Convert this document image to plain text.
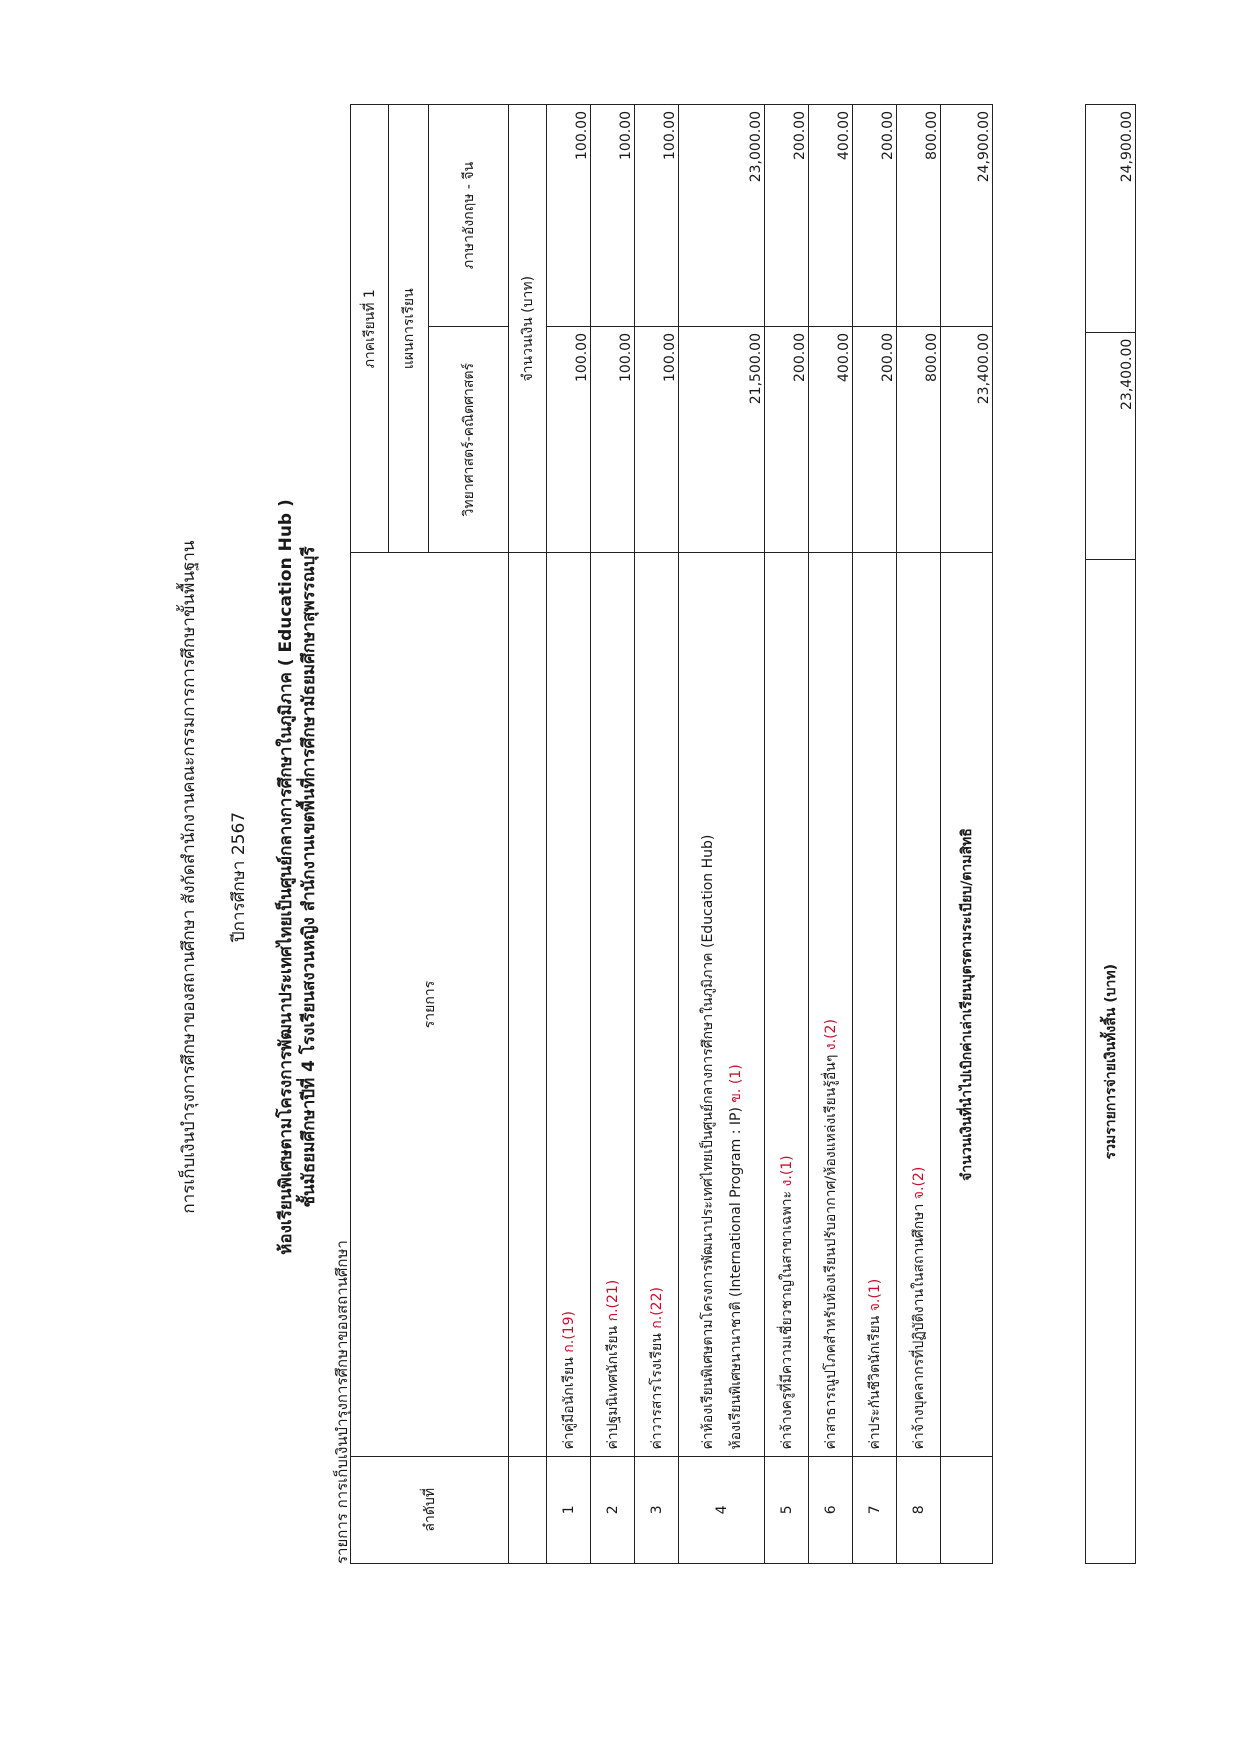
การเก็บเงินบำรุงการศึกษาของสถานศึกษา สังกัดสำนักงานคณะกรรมการการศึกษาขั้นพื้นฐาน ปีการศึกษา 2567 ห้องเรียนพิเศษตามโครงการพัฒนาประเทศไทยเป็นศูนย์กลางการศึกษาในภูมิภาค ( Education Hub ) ชั้นมัธยมศึกษาปีที่ 4 โรงเรียนสงวนหญิง สำนักงานเขตพื้นที่การศึกษามัธยมศึกษาสุพรรณบุรี
รายการ การเก็บเงินบำรุงการศึกษาของสถานศึกษา	ลำดับที่	รายการ	ภาคเรียนที่ 1	
		แผนการเรียน	
		วิทยาศาสตร์-คณิตศาสตร์	ภาษาอังกฤษ - จีน
		จำนวนเงิน (บาท)	
1	ค่าคู่มือนักเรียน ก.(19)	100.00	100.00
2	ค่าปฐมนิเทศนักเรียน ก.(21)	100.00	100.00
3	ค่าวารสารโรงเรียน ก.(22)	100.00	100.00
4	ค่าห้องเรียนพิเศษตามโครงการพัฒนาประเทศไทยเป็นศูนย์กลางการศึกษาในภูมิภาค (Education Hub) ห้องเรียนพิเศษนานาชาติ (International Program : IP) ข. (1)	21,500.00	23,000.00
5	ค่าจ้างครูที่มีความเชี่ยวชาญในสาขาเฉพาะ ง.(1)	200.00	200.00
6	ค่าสาธารณูปโภคสำหรับห้องเรียนปรับอากาศ/ห้องแหล่งเรียนรู้อื่นๆ ง.(2)	400.00	400.00
7	ค่าประกันชีวิตนักเรียน จ.(1)	200.00	200.00
8	ค่าจ้างบุคลากรที่ปฏิบัติงานในสถานศึกษา จ.(2)	800.00	800.00
	จำนวนเงินที่นำไปเบิกค่าเล่าเรียนบุตรตามระเบียบ/ตามสิทธิ	23,400.00	24,900.00
รวมรายการจ่ายเงินทั้งสิ้น (บาท)	23,400.00	24,900.00
